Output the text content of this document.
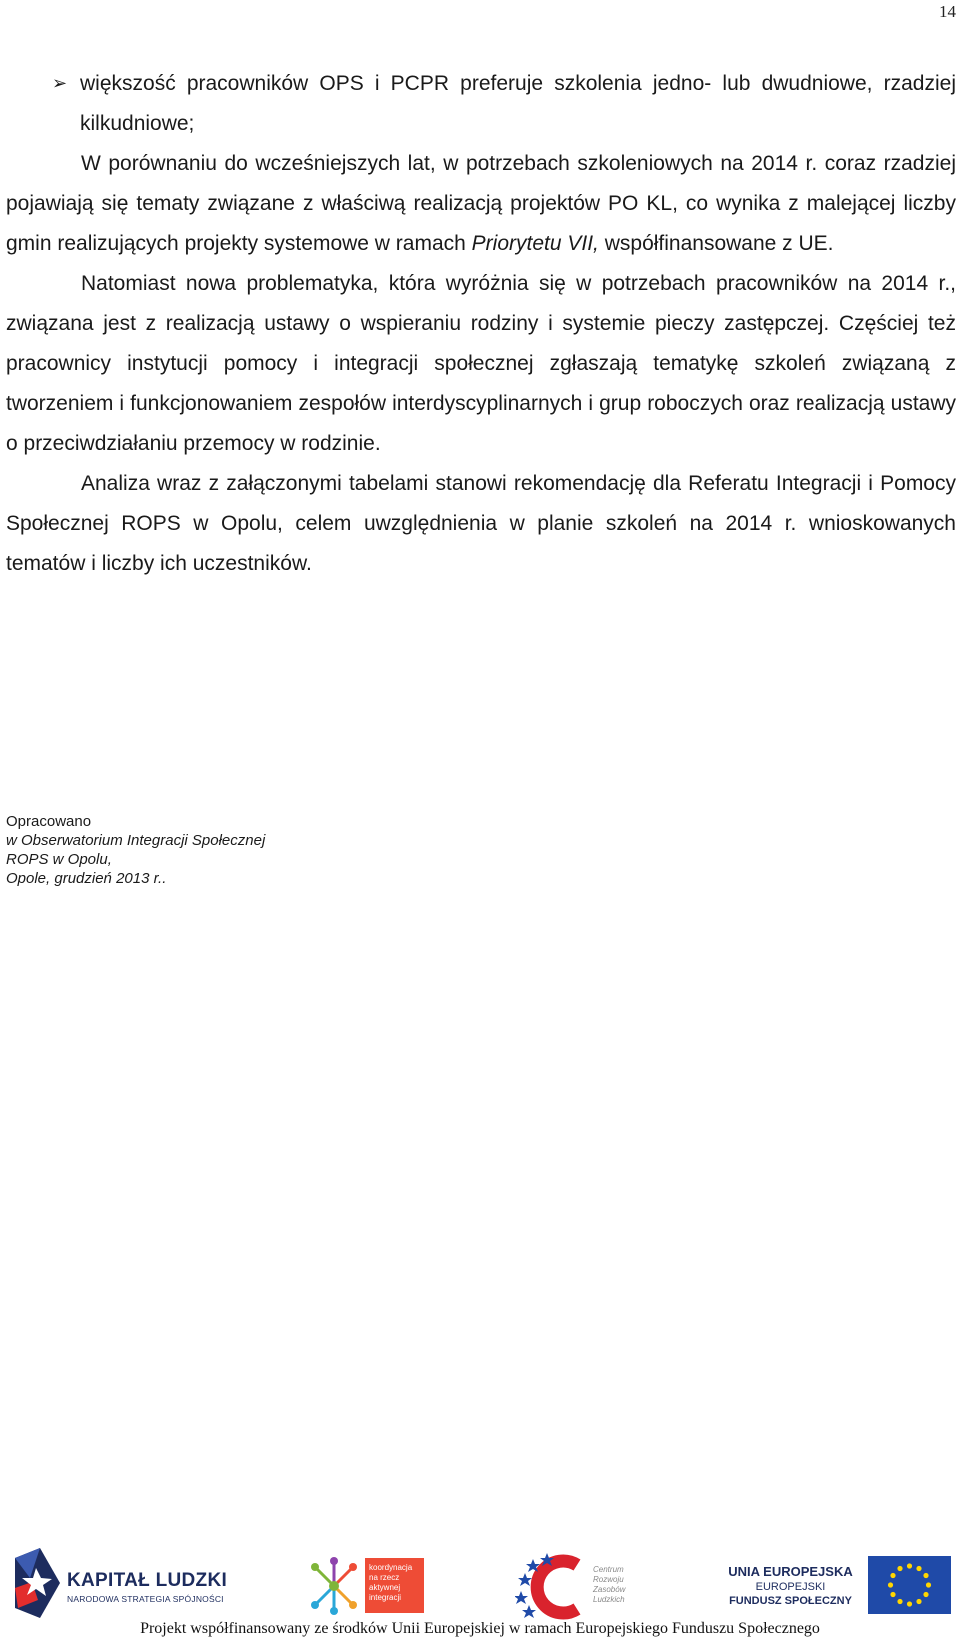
14
➢ większość pracowników OPS i PCPR preferuje szkolenia jedno- lub dwudniowe, rzadziej kilkudniowe;

W porównaniu do wcześniejszych lat, w potrzebach szkoleniowych na 2014 r. coraz rzadziej pojawiają się tematy związane z właściwą realizacją projektów PO KL, co wynika z malejącej liczby gmin realizujących projekty systemowe w ramach Priorytetu VII, współfinansowane z UE.

Natomiast nowa problematyka, która wyróżnia się w potrzebach pracowników na 2014 r., związana jest z realizacją ustawy o wspieraniu rodziny i systemie pieczy zastępczej. Częściej też pracownicy instytucji pomocy i integracji społecznej zgłaszają tematykę szkoleń związaną z tworzeniem i funkcjonowaniem zespołów interdyscyplinarnych i grup roboczych oraz realizacją ustawy o przeciwdziałaniu przemocy w rodzinie.

Analiza wraz z załączonymi tabelami stanowi rekomendację dla Referatu Integracji i Pomocy Społecznej ROPS w Opolu, celem uwzględnienia w planie szkoleń na 2014 r. wnioskowanych tematów i liczby ich uczestników.

Opracowano
w Obserwatorium Integracji Społecznej
ROPS w Opolu,
Opole, grudzień 2013 r..
KAPITAŁ LUDZKI
NARODOWA STRATEGIA SPÓJNOŚCI
koordynacja
na rzecz
aktywnej
integracji
Centrum
Rozwoju
Zasobów
Ludzkich
UNIA EUROPEJSKA
EUROPEJSKI
FUNDUSZ SPOŁECZNY
Projekt współfinansowany ze środków Unii Europejskiej w ramach Europejskiego Funduszu Społecznego
